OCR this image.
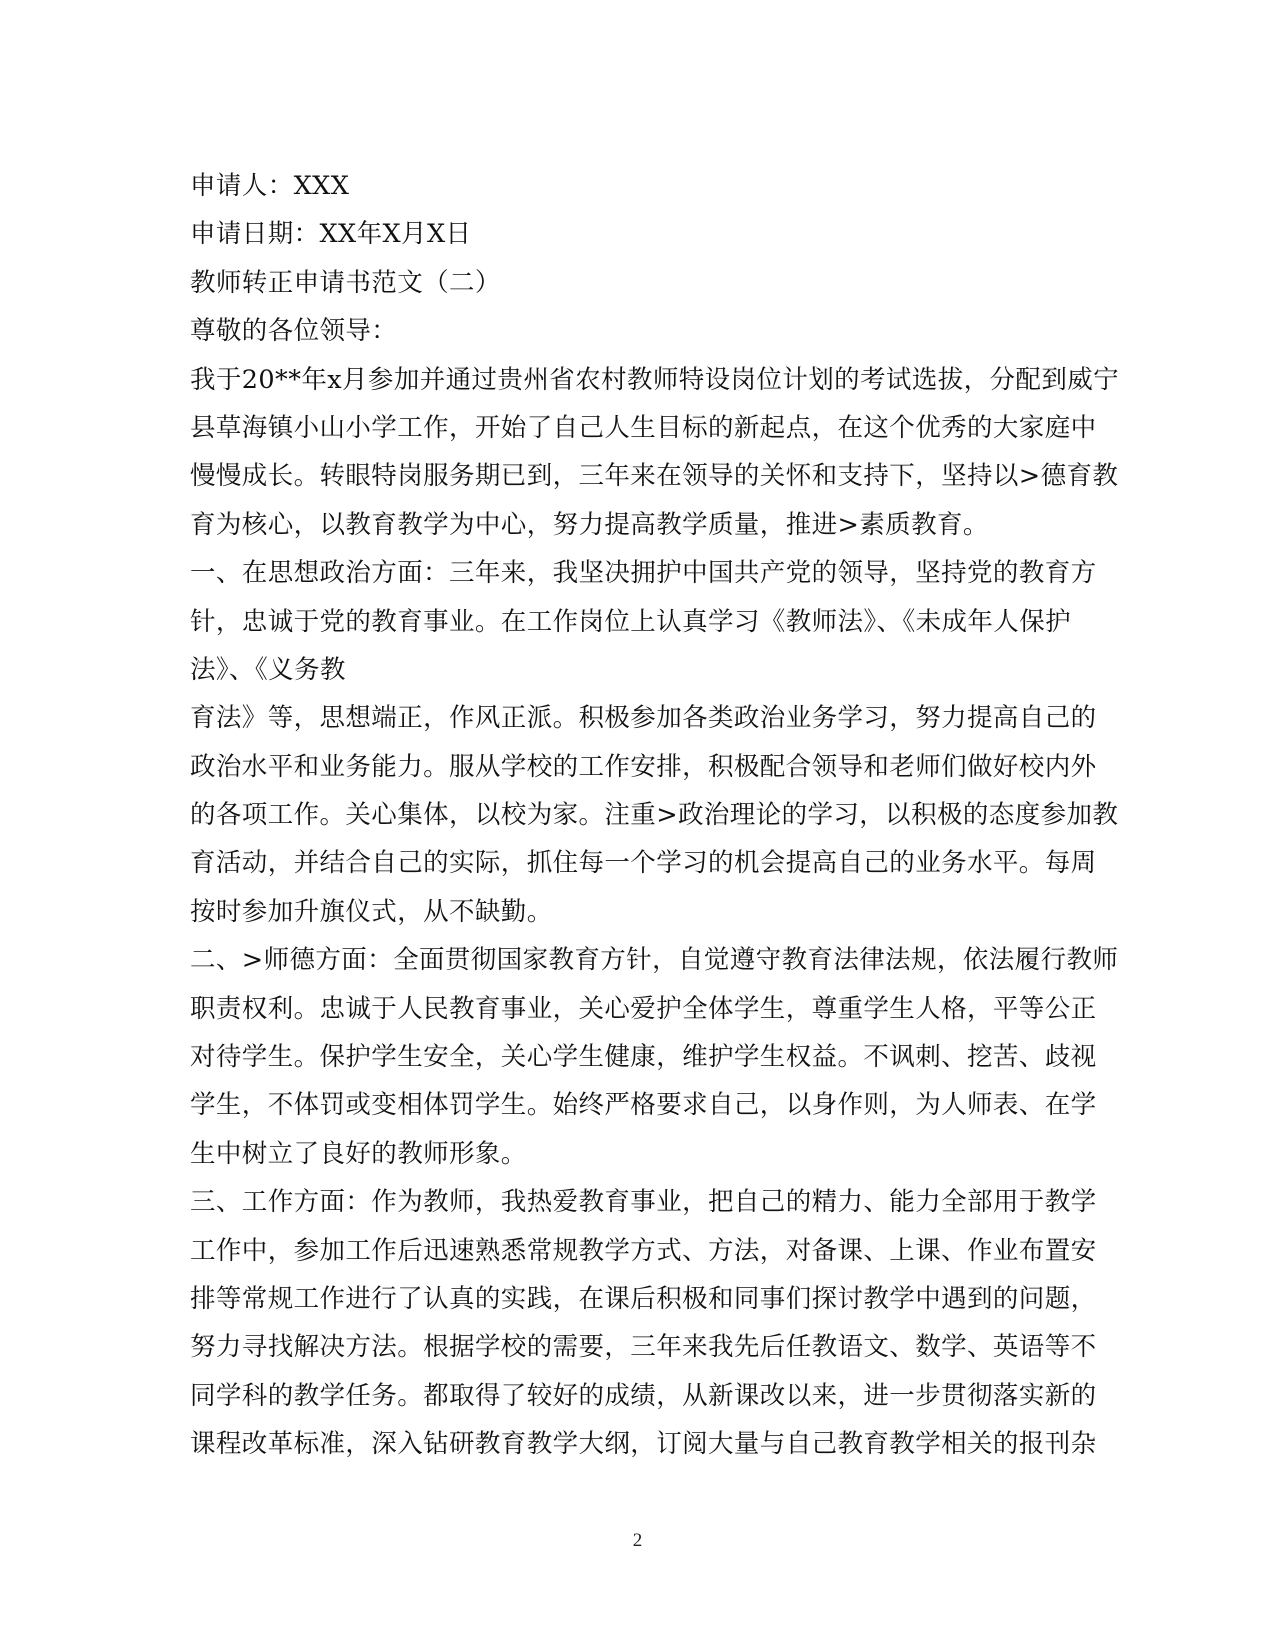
申请人：XXX
申请日期：XX年X月X日
教师转正申请书范文（二）
尊敬的各位领导：
我于20**年x月参加并通过贵州省农村教师特设岗位计划的考试选拔，分配到威宁
县草海镇小山小学工作，开始了自己人生目标的新起点，在这个优秀的大家庭中
慢慢成长。转眼特岗服务期已到，三年来在领导的关怀和支持下，坚持以>德育教
育为核心，以教育教学为中心，努力提高教学质量，推进>素质教育。
一、在思想政治方面：三年来，我坚决拥护中国共产党的领导，坚持党的教育方
针，忠诚于党的教育事业。在工作岗位上认真学习《教师法》、《未成年人保护
法》、《义务教
育法》等，思想端正，作风正派。积极参加各类政治业务学习，努力提高自己的
政治水平和业务能力。服从学校的工作安排，积极配合领导和老师们做好校内外
的各项工作。关心集体，以校为家。注重>政治理论的学习，以积极的态度参加教
育活动，并结合自己的实际，抓住每一个学习的机会提高自己的业务水平。每周
按时参加升旗仪式，从不缺勤。
二、>师德方面：全面贯彻国家教育方针，自觉遵守教育法律法规，依法履行教师
职责权利。忠诚于人民教育事业，关心爱护全体学生，尊重学生人格，平等公正
对待学生。保护学生安全，关心学生健康，维护学生权益。不讽刺、挖苦、歧视
学生，不体罚或变相体罚学生。始终严格要求自己，以身作则，为人师表、在学
生中树立了良好的教师形象。
三、工作方面：作为教师，我热爱教育事业，把自己的精力、能力全部用于教学
工作中，参加工作后迅速熟悉常规教学方式、方法，对备课、上课、作业布置安
排等常规工作进行了认真的实践，在课后积极和同事们探讨教学中遇到的问题，
努力寻找解决方法。根据学校的需要，三年来我先后任教语文、数学、英语等不
同学科的教学任务。都取得了较好的成绩，从新课改以来，进一步贯彻落实新的
课程改革标准，深入钻研教育教学大纲，订阅大量与自己教育教学相关的报刊杂
2
